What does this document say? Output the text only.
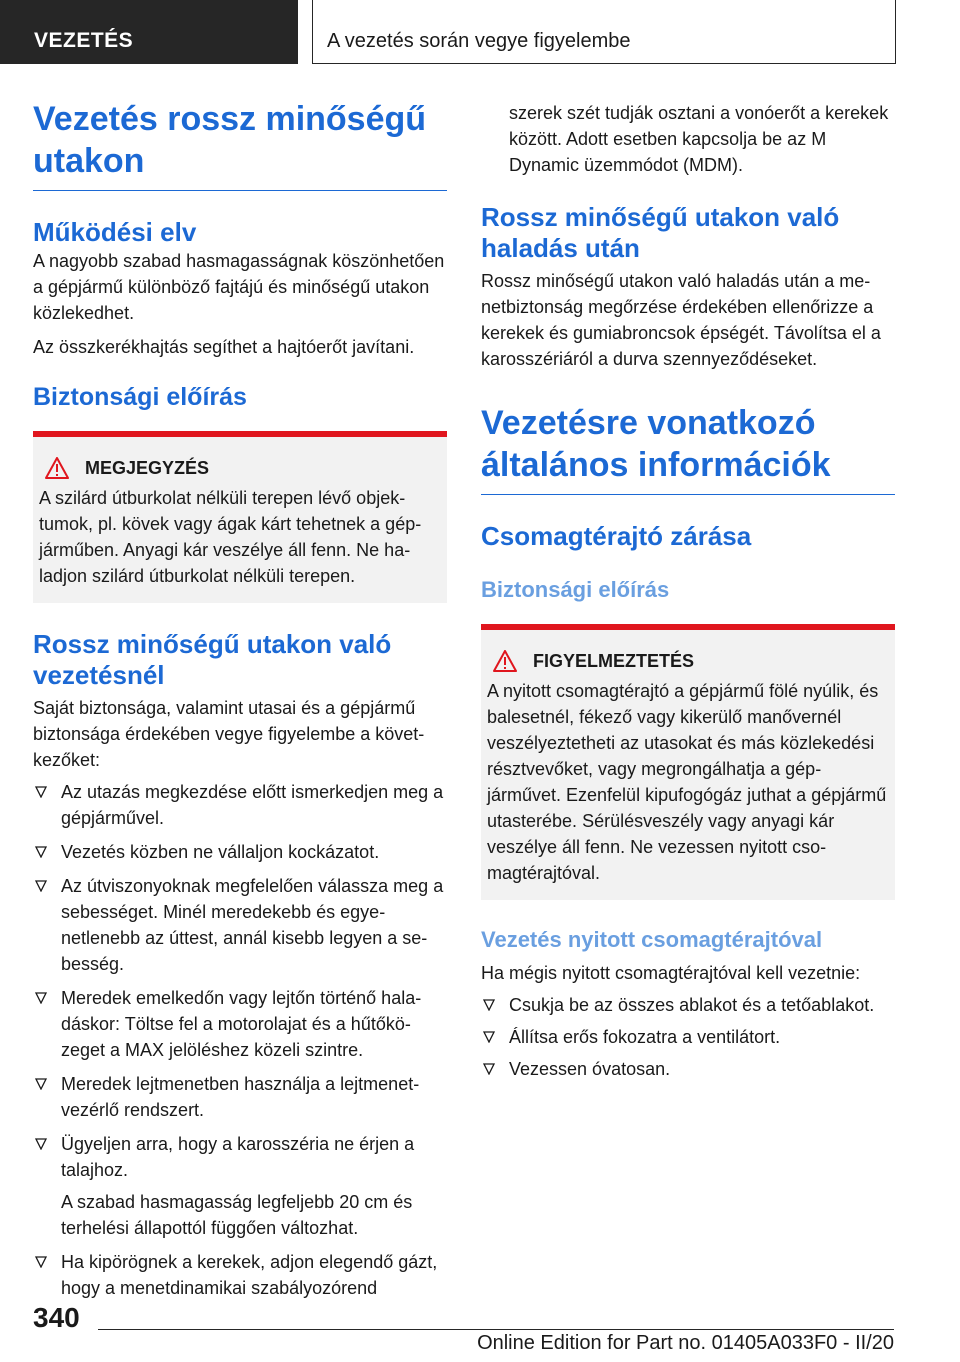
VEZETÉS	A vezetés során vegye figyelembe
Vezetés rossz minőségű utakon
Működési elv

A nagyobb szabad hasmagasságnak köszönhetően a gépjármű különböző fajtájú és minőségű utakon közlekedhet.

Az összkerékhajtás segíthet a hajtóerőt javítani.

Biztonsági előírás
MEGJEGYZÉS

A szilárd útburkolat nélküli terepen lévő objektumok, pl. kövek vagy ágak kárt tehetnek a gépjárműben. Anyagi kár veszélye áll fenn. Ne haladjon szilárd útburkolat nélküli terepen.

Rossz minőségű utakon való vezetésnél

Saját biztonsága, valamint utasai és a gépjármű biztonsága érdekében vegye figyelembe a következőket:

Az utazás megkezdése előtt ismerkedjen meg a gépjárművel.
Vezetés közben ne vállaljon kockázatot.
Az útviszonyoknak megfelelően válassza meg a sebességet. Minél meredekebb és egyenetlenebb az úttest, annál kisebb legyen a sebesség.
Meredek emelkedőn vagy lejtőn történő haladáskor: Töltse fel a motorolajat és a hűtőközeget a MAX jelöléshez közeli szintre.
Meredek lejtmenetben használja a lejtmenetvezérlő rendszert.
Ügyeljen arra, hogy a karosszéria ne érjen a talajhoz.
A szabad hasmagasság legfeljebb 20 cm és terhelési állapottól függően változhat.
Ha kipörögnek a kerekek, adjon elegendő gázt, hogy a menetdinamikai szabályozórend

szerek szét tudják osztani a vonóerőt a kerekek között. Adott esetben kapcsolja be az M Dynamic üzemmódot (MDM).

Rossz minőségű utakon való haladás után

Rossz minőségű utakon való haladás után a menetbiztonság megőrzése érdekében ellenőrizze a kerekek és gumiabroncsok épségét. Távolítsa el a karosszériáról a durva szennyeződéseket.

Vezetésre vonatkozó általános információk
Csomagtérajtó zárása
Biztonsági előírás
FIGYELMEZTETÉS

A nyitott csomagtérajtó a gépjármű fölé nyúlik, és balesetnél, fékező vagy kikerülő manővernél veszélyeztetheti az utasokat és más közlekedési résztvevőket, vagy megrongálhatja a gépjárművet. Ezenfelül kipufogógáz juthat a gépjármű utasterébe. Sérülésveszély vagy anyagi kár veszélye áll fenn. Ne vezessen nyitott csomagtérajtóval.

Vezetés nyitott csomagtérajtóval

Ha mégis nyitott csomagtérajtóval kell vezetnie:

Csukja be az összes ablakot és a tetőablakot.
Állítsa erős fokozatra a ventilátort.
Vezessen óvatosan.
340
Online Edition for Part no. 01405A033F0 - II/20
